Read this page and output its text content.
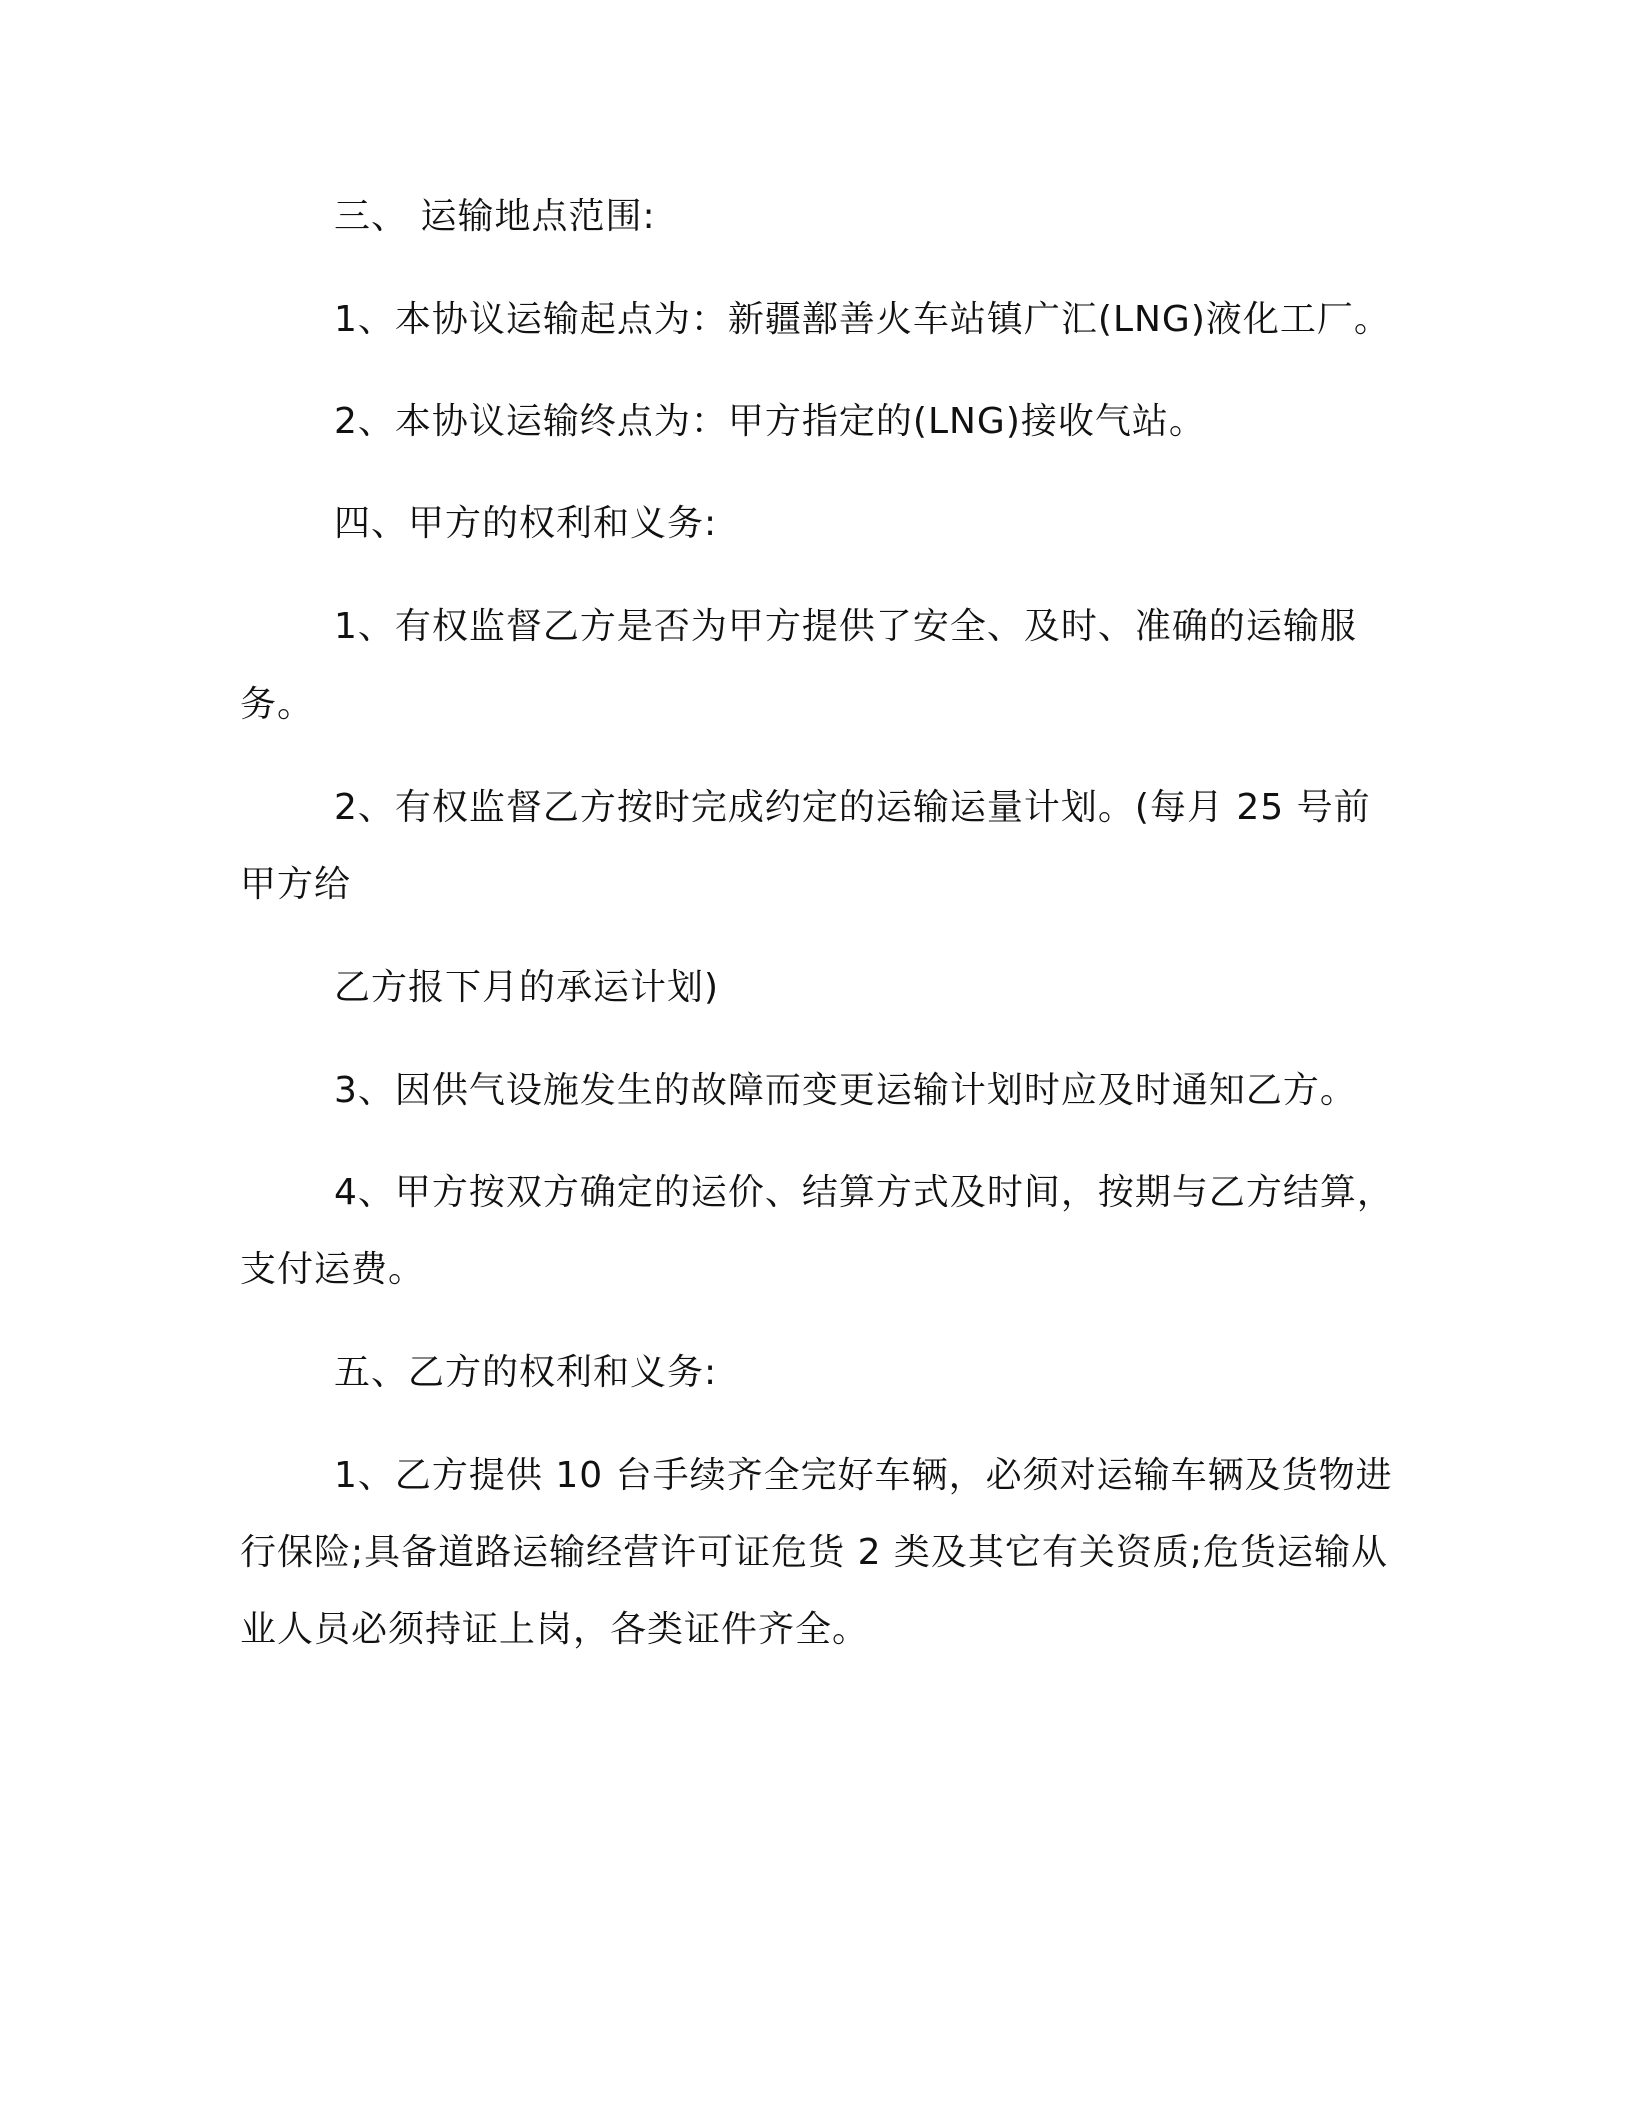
三、 运输地点范围:
1、本协议运输起点为：新疆鄯善火车站镇广汇(LNG)液化工厂。
2、本协议运输终点为：甲方指定的(LNG)接收气站。
四、甲方的权利和义务:
1、有权监督乙方是否为甲方提供了安全、及时、准确的运输服
务。
2、有权监督乙方按时完成约定的运输运量计划。(每月 25 号前
甲方给
乙方报下月的承运计划)
3、因供气设施发生的故障而变更运输计划时应及时通知乙方。
4、甲方按双方确定的运价、结算方式及时间，按期与乙方结算，
支付运费。
五、乙方的权利和义务:
1、乙方提供 10 台手续齐全完好车辆，必须对运输车辆及货物进
行保险;具备道路运输经营许可证危货 2 类及其它有关资质;危货运输从
业人员必须持证上岗，各类证件齐全。
